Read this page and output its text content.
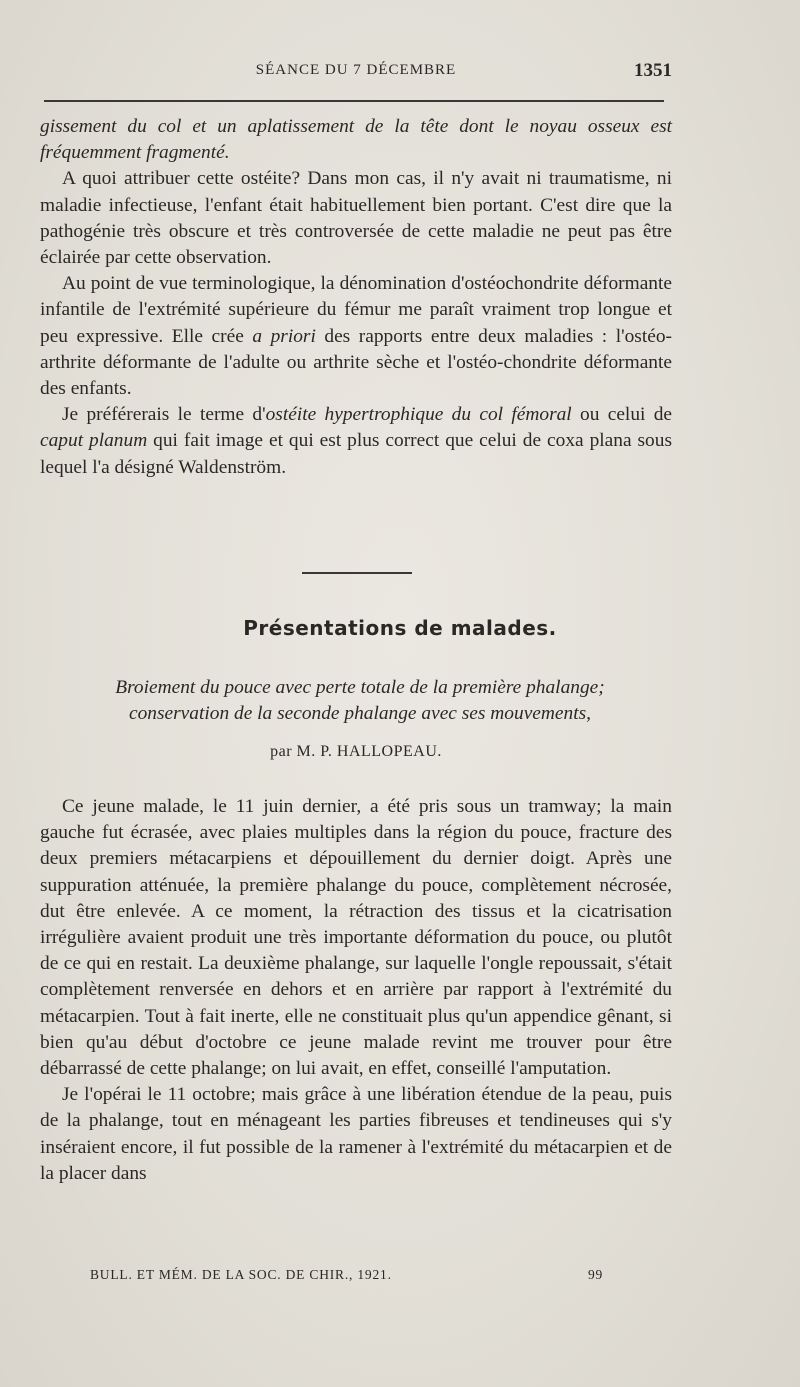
SÉANCE DU 7 DÉCEMBRE	1351

gissement du col et un aplatissement de la tête dont le noyau osseux est fréquemment fragmenté.

A quoi attribuer cette ostéite? Dans mon cas, il n'y avait ni traumatisme, ni maladie infectieuse, l'enfant était habituellement bien portant. C'est dire que la pathogénie très obscure et très controversée de cette maladie ne peut pas être éclairée par cette observation.

Au point de vue terminologique, la dénomination d'ostéochondrite déformante infantile de l'extrémité supérieure du fémur me paraît vraiment trop longue et peu expressive. Elle crée a priori des rapports entre deux maladies : l'ostéo-arthrite déformante de l'adulte ou arthrite sèche et l'ostéo-chondrite déformante des enfants.

Je préférerais le terme d'ostéite hypertrophique du col fémoral ou celui de caput planum qui fait image et qui est plus correct que celui de coxa plana sous lequel l'a désigné Waldenström.

Présentations de malades.
Broiement du pouce avec perte totale de la première phalange;
conservation de la seconde phalange avec ses mouvements,
par M. P. HALLOPEAU.

Ce jeune malade, le 11 juin dernier, a été pris sous un tramway; la main gauche fut écrasée, avec plaies multiples dans la région du pouce, fracture des deux premiers métacarpiens et dépouillement du dernier doigt. Après une suppuration atténuée, la première phalange du pouce, complètement nécrosée, dut être enlevée. A ce moment, la rétraction des tissus et la cicatrisation irrégulière avaient produit une très importante déformation du pouce, ou plutôt de ce qui en restait. La deuxième phalange, sur laquelle l'ongle repoussait, s'était complètement renversée en dehors et en arrière par rapport à l'extrémité du métacarpien. Tout à fait inerte, elle ne constituait plus qu'un appendice gênant, si bien qu'au début d'octobre ce jeune malade revint me trouver pour être débarrassé de cette phalange; on lui avait, en effet, conseillé l'amputation.

Je l'opérai le 11 octobre; mais grâce à une libération étendue de la peau, puis de la phalange, tout en ménageant les parties fibreuses et tendineuses qui s'y inséraient encore, il fut possible de la ramener à l'extrémité du métacarpien et de la placer dans

BULL. ET MÉM. DE LA SOC. DE CHIR., 1921.	99
